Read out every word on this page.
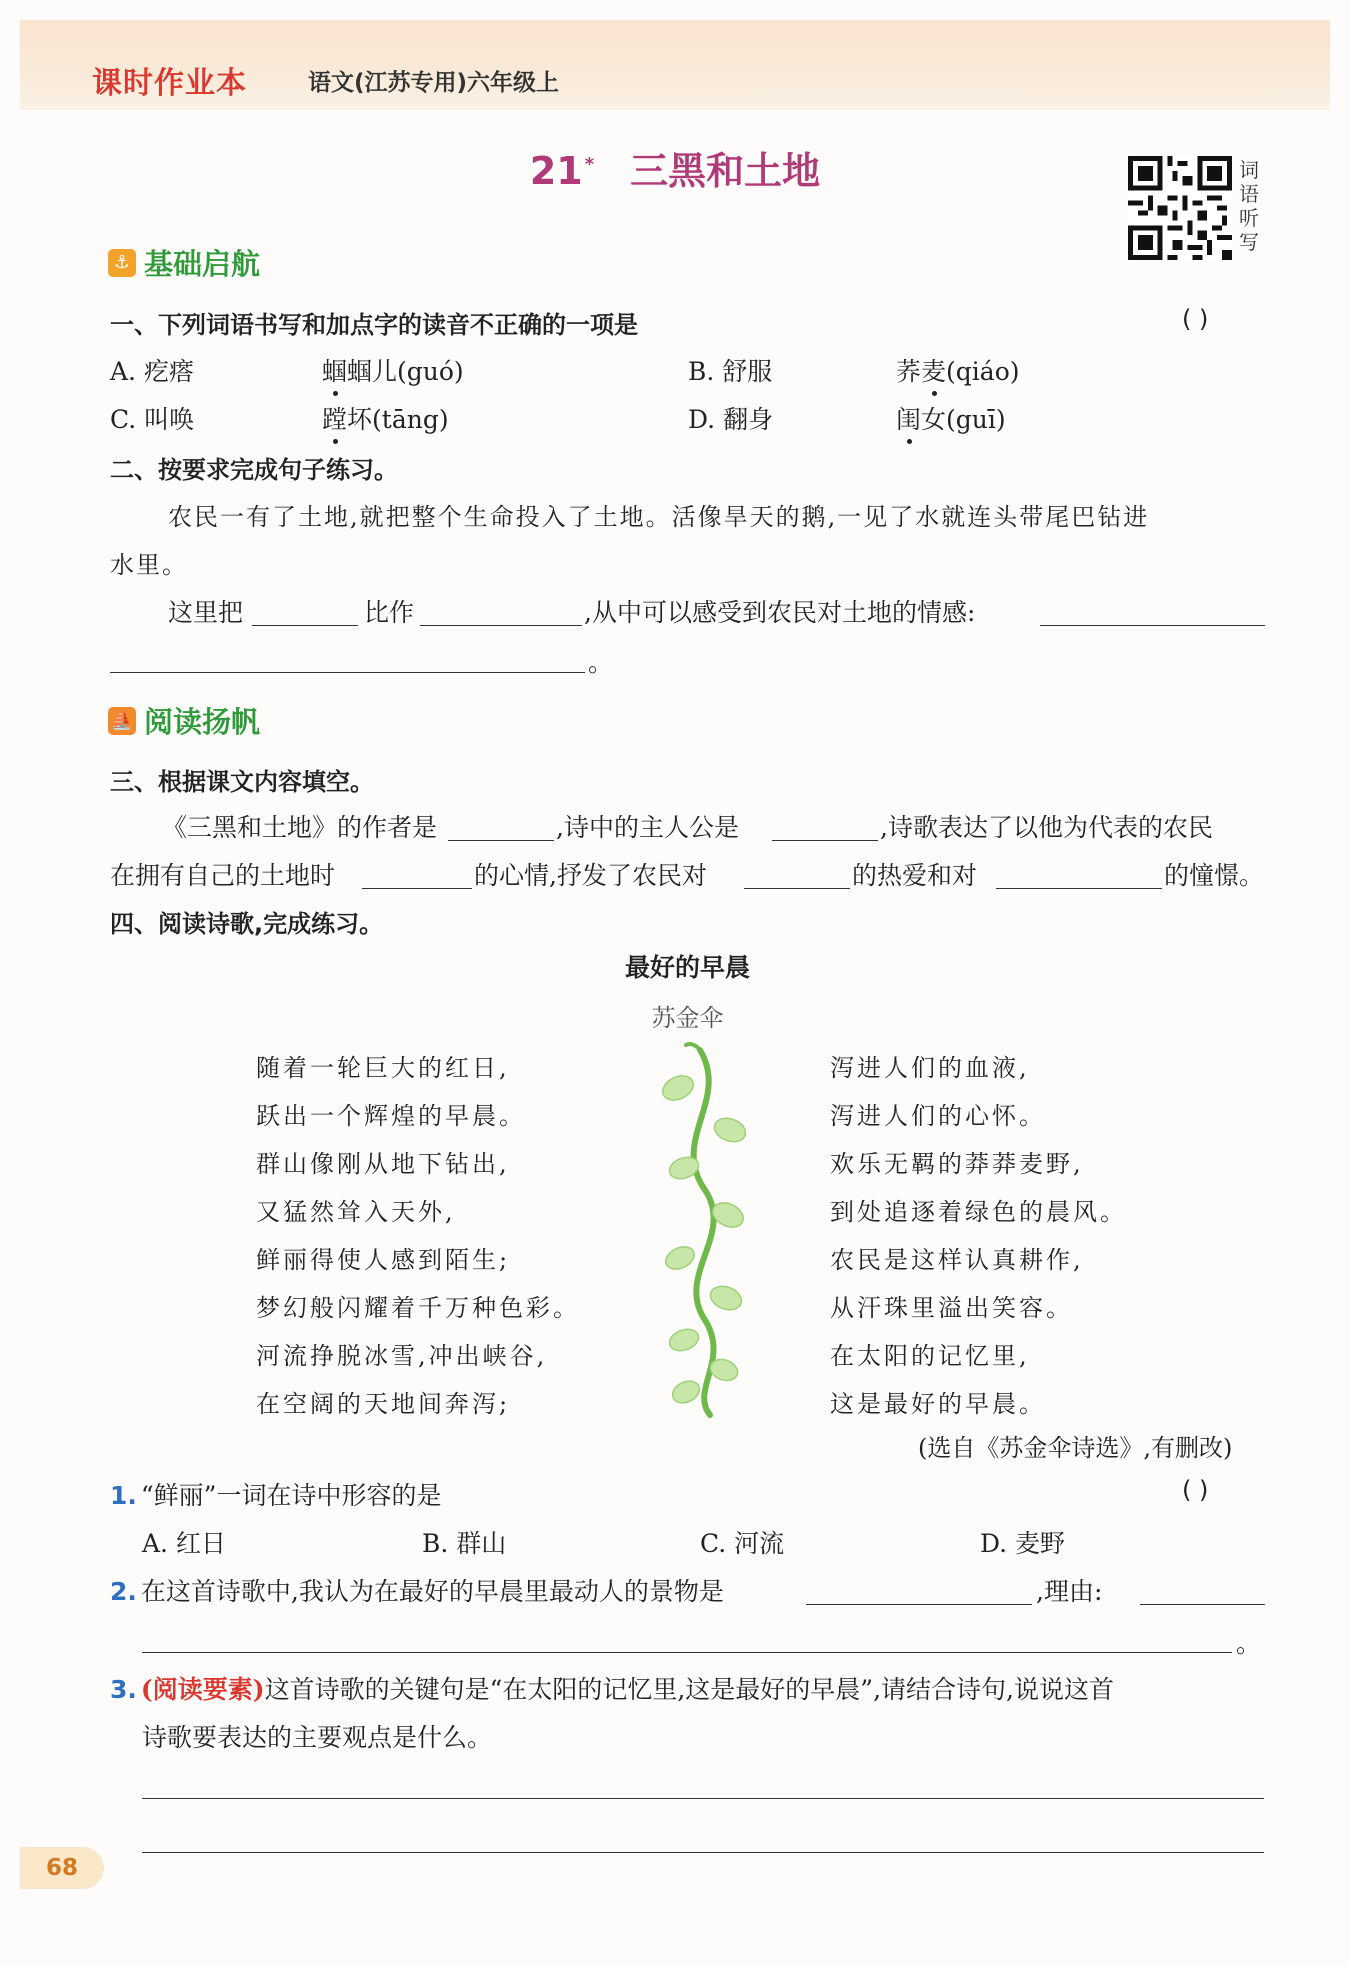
课时作业本	语文(江苏专用)六年级上
21 * 三黑和土地	词
语
听
写
⚓ 基础启航
一、下列词语书写和加点字的读音不正确的一项是	( )
A. 疙瘩	蝈蝈儿(guó)	B. 舒服	荞麦(qiáo)
C. 叫唤	蹚坏(tāng)	D. 翻身	闺女(guī)
二、按要求完成句子练习。
农民一有了土地,就把整个生命投入了土地。活像旱天的鹅,一见了水就连头带尾巴钻进
水里。
这里把	比作	,从中可以感受到农民对土地的情感:
。
⛵ 阅读扬帆
三、根据课文内容填空。
《三黑和土地》的作者是	,诗中的主人公是	,诗歌表达了以他为代表的农民
在拥有自己的土地时	的心情,抒发了农民对	的热爱和对	的憧憬。
四、阅读诗歌,完成练习。
最好的早晨
苏金伞
随着一轮巨大的红日,
跃出一个辉煌的早晨。
群山像刚从地下钻出,
又猛然耸入天外,
鲜丽得使人感到陌生;
梦幻般闪耀着千万种色彩。
河流挣脱冰雪,冲出峡谷,
在空阔的天地间奔泻;
泻进人们的血液,
泻进人们的心怀。
欢乐无羁的莽莽麦野,
到处追逐着绿色的晨风。
农民是这样认真耕作,
从汗珠里溢出笑容。
在太阳的记忆里,
这是最好的早晨。
(选自《苏金伞诗选》,有删改)
1. “鲜丽”一词在诗中形容的是	( )
A. 红日	B. 群山	C. 河流	D. 麦野
2. 在这首诗歌中,我认为在最好的早晨里最动人的景物是	,理由:
。
3. (阅读要素)这首诗歌的关键句是“在太阳的记忆里,这是最好的早晨”,请结合诗句,说说这首
诗歌要表达的主要观点是什么。
68
